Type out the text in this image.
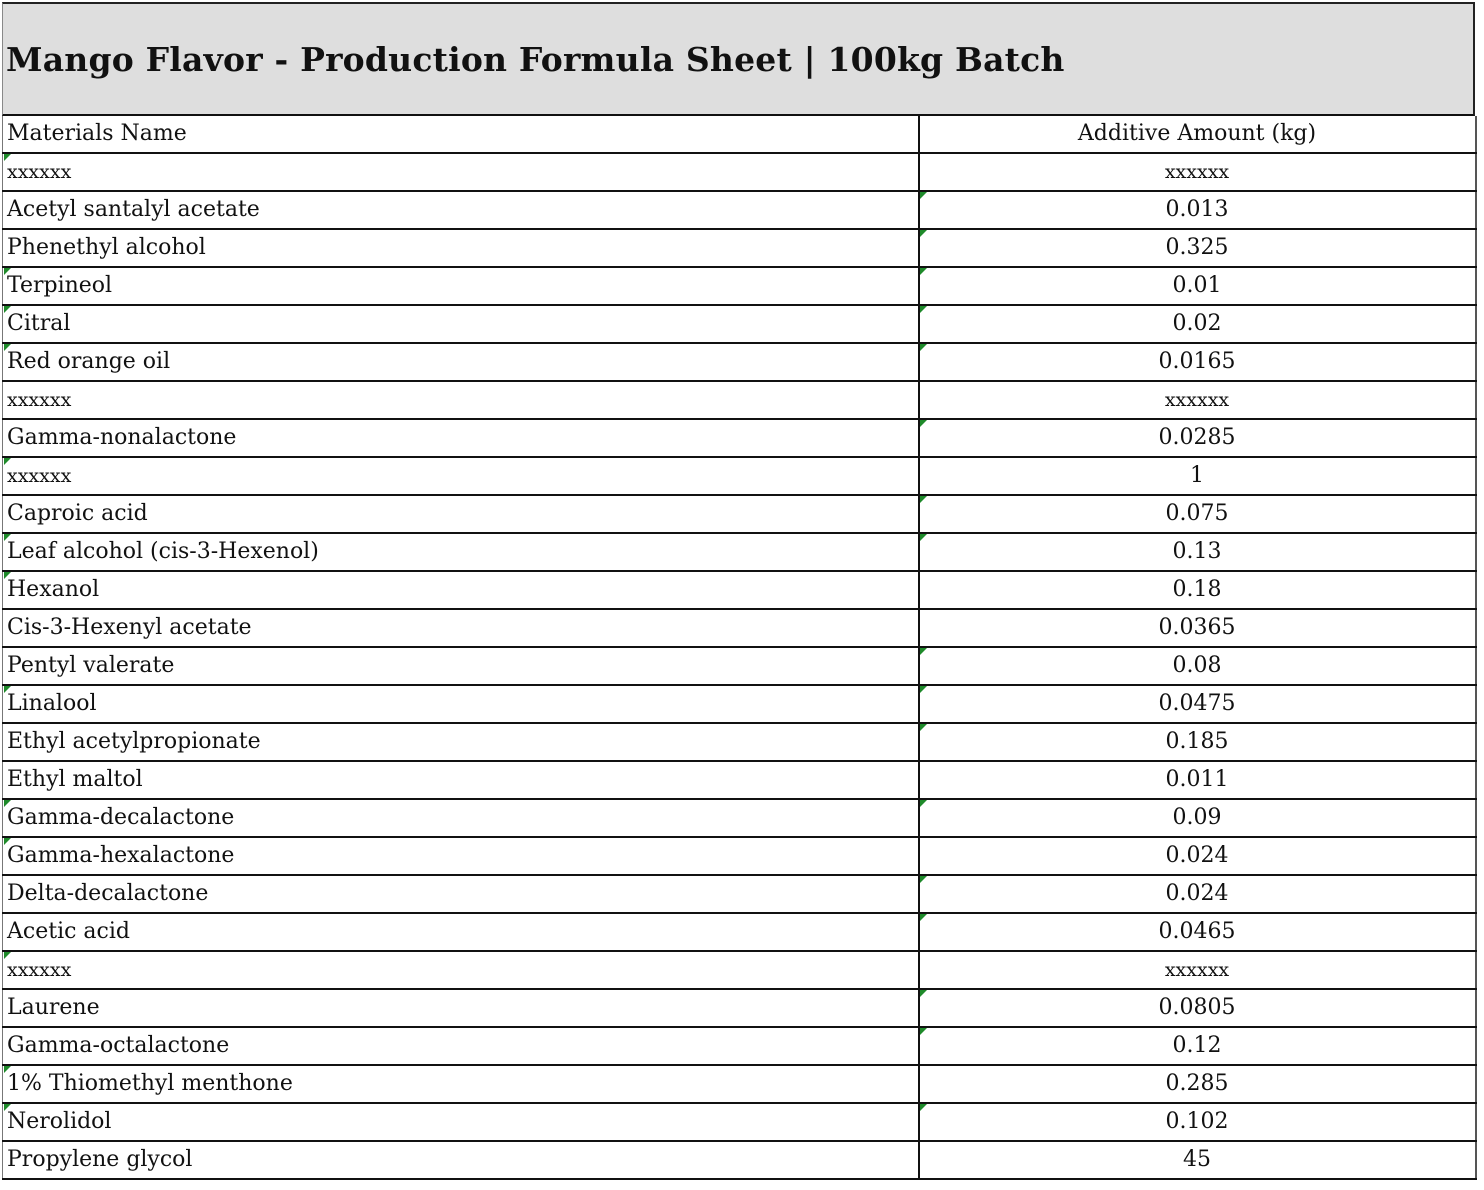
Mango Flavor - Production Formula Sheet | 100kg Batch
Materials Name	Additive Amount (kg)
xxxxxx	xxxxxx
Acetyl santalyl acetate	0.013

Phenethyl alcohol	0.325

Terpineol	0.01

Citral	0.02

Red orange oil	0.0165

xxxxxx	xxxxxx
Gamma-nonalactone	0.0285

xxxxxx	1
Caproic acid	0.075

Leaf alcohol (cis-3-Hexenol)	0.13

Hexanol	0.18
Cis-3-Hexenyl acetate	0.0365
Pentyl valerate	0.08

Linalool	0.0475

Ethyl acetylpropionate	0.185

Ethyl maltol	0.011
Gamma-decalactone	0.09

Gamma-hexalactone	0.024
Delta-decalactone	0.024

Acetic acid	0.0465

xxxxxx	xxxxxx
Laurene	0.0805

Gamma-octalactone	0.12

1% Thiomethyl menthone	0.285
Nerolidol	0.102

Propylene glycol	45
